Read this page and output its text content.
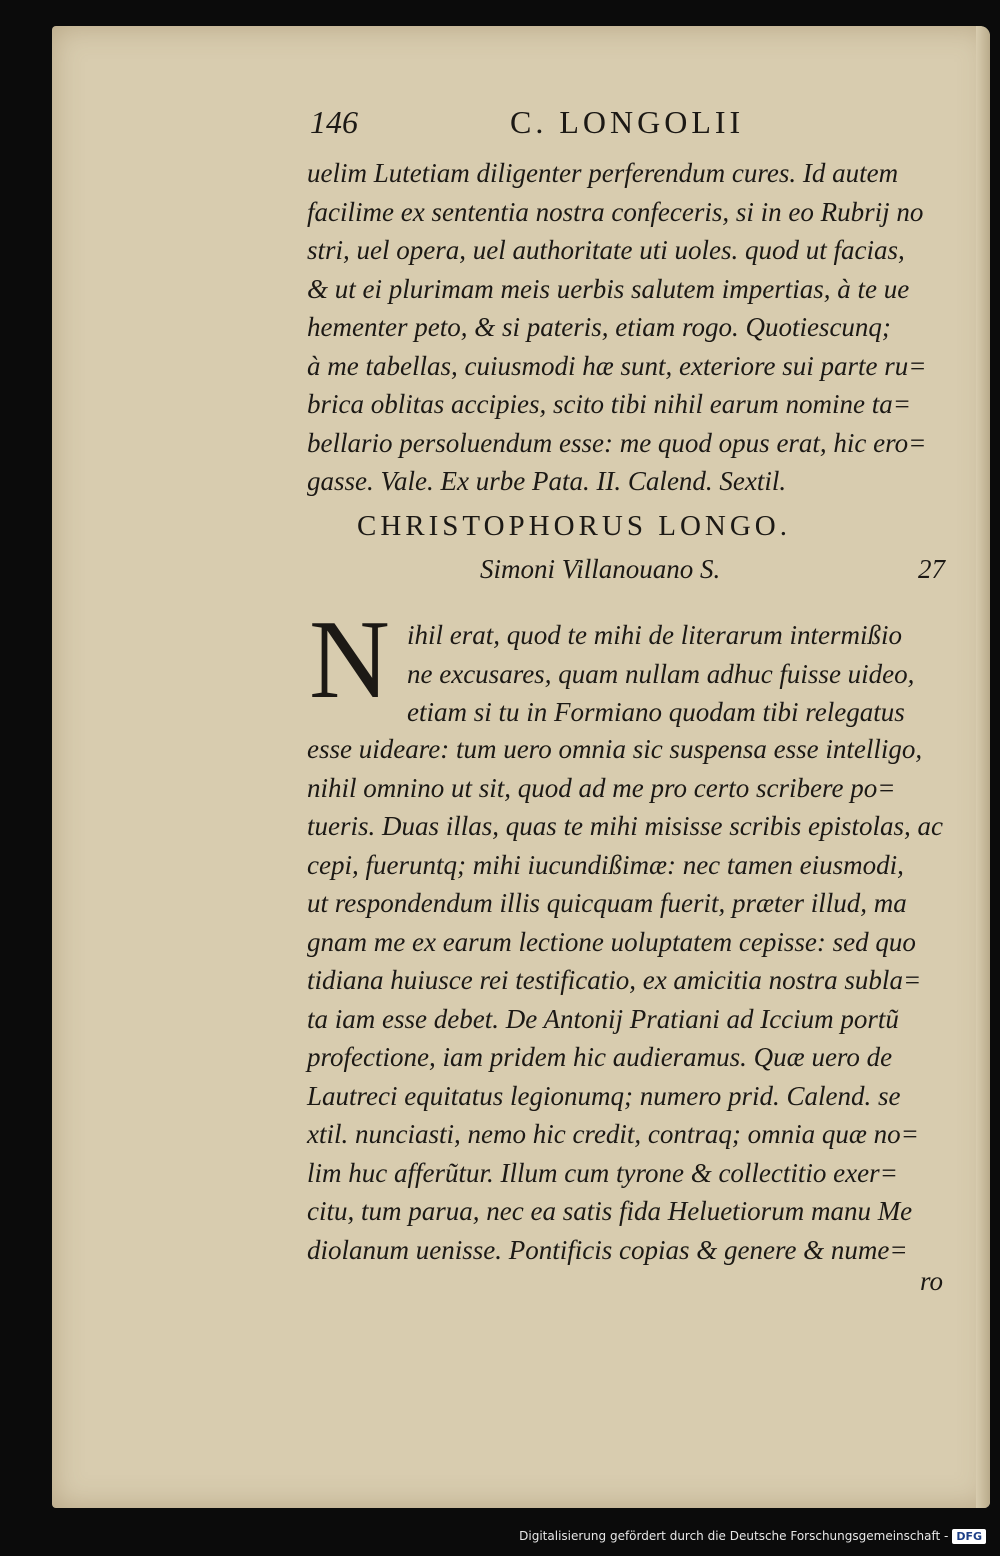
146	C. LONGOLII

uelim Lutetiam diligenter perferendum cures. Id autem
facilime ex sententia nostra confeceris, si in eo Rubrij no
stri, uel opera, uel authoritate uti uoles. quod ut facias,
& ut ei plurimam meis uerbis salutem impertias, à te ue
hementer peto, & si pateris, etiam rogo. Quotiescunq;
à me tabellas, cuiusmodi hæ sunt, exteriore sui parte ru=
brica oblitas accipies, scito tibi nihil earum nomine ta=
bellario persoluendum esse: me quod opus erat, hic ero=
gasse. Vale. Ex urbe Pata. II. Calend. Sextil.

CHRISTOPHORUS LONGO.

Simoni Villanouano S.	27

N ihil erat, quod te mihi de literarum intermißio
ne excusares, quam nullam adhuc fuisse uideo,
etiam si tu in Formiano quodam tibi relegatus

esse uideare: tum uero omnia sic suspensa esse intelligo,
nihil omnino ut sit, quod ad me pro certo scribere po=
tueris. Duas illas, quas te mihi misisse scribis epistolas, ac
cepi, fueruntq; mihi iucundißimæ: nec tamen eiusmodi,
ut respondendum illis quicquam fuerit, præter illud, ma
gnam me ex earum lectione uoluptatem cepisse: sed quo
tidiana huiusce rei testificatio, ex amicitia nostra subla=
ta iam esse debet. De Antonij Pratiani ad Iccium portũ
profectione, iam pridem hic audieramus. Quæ uero de
Lautreci equitatus legionumq; numero prid. Calend. se
xtil. nunciasti, nemo hic credit, contraq; omnia quæ no=
lim huc afferũtur. Illum cum tyrone & collectitio exer=
citu, tum parua, nec ea satis fida Heluetiorum manu Me
diolanum uenisse. Pontificis copias & genere & nume=

ro

Digitalisierung gefördert durch die Deutsche Forschungsgemeinschaft - DFG
